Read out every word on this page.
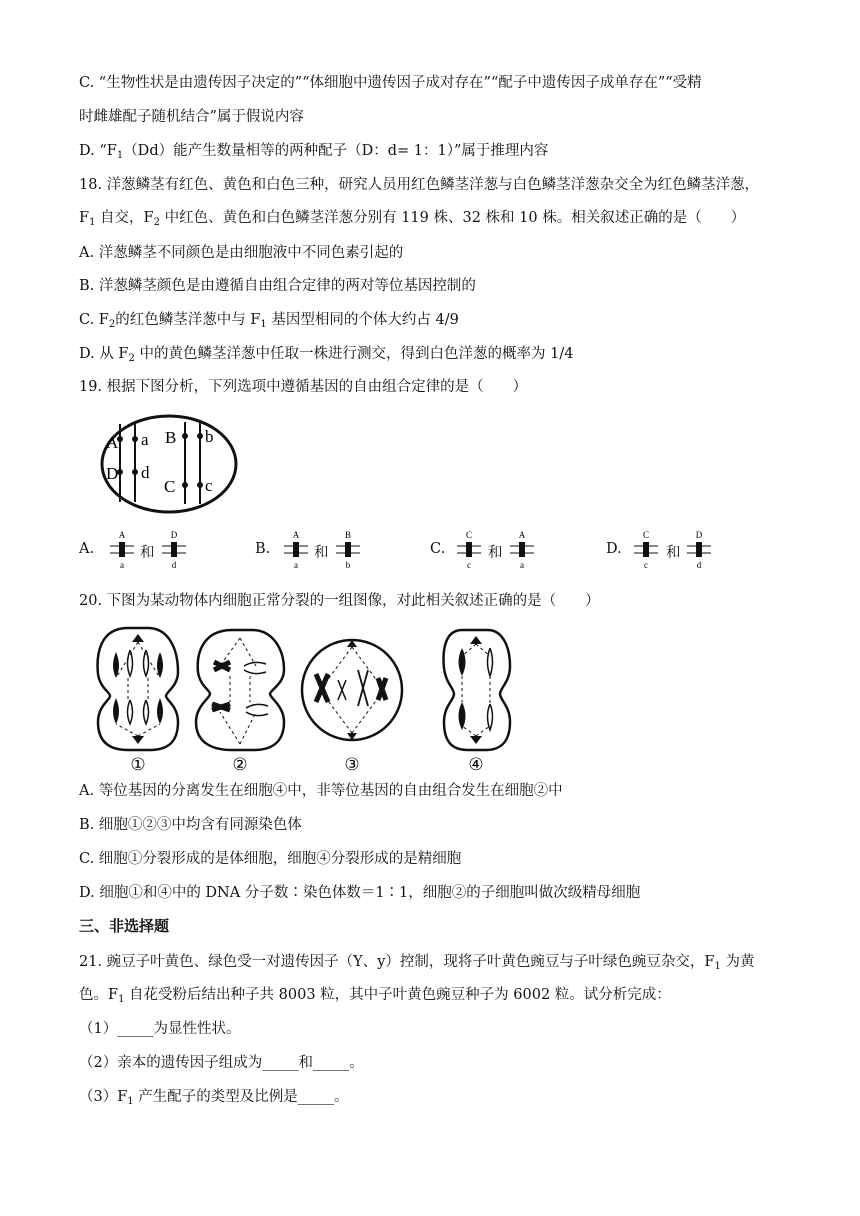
C. “生物性状是由遗传因子决定的”“体细胞中遗传因子成对存在”“配子中遗传因子成单存在”“受精
时雌雄配子随机结合”属于假说内容
D. “$F_1(Dd)$能产生数量相等的两种配子（D：d= 1：1）”属于推理内容
18. 洋葱鳞茎有红色、黄色和白色三种，研究人员用红色鳞茎洋葱与白色鳞茎洋葱杂交全为红色鳞茎洋葱，
$F_1$ 自交，$F_2$ 中红色、黄色和白色鳞茎洋葱分别有 119 株、32 株和 10 株。相关叙述正确的是（　　）
A. 洋葱鳞茎不同颜色是由细胞液中不同色素引起的
B. 洋葱鳞茎颜色是由遵循自由组合定律的两对等位基因控制的
C. $F_2$的红色鳞茎洋葱中与 $F_1$ 基因型相同的个体大约占 4/9
D. 从 $F_2$ 中的黄色鳞茎洋葱中任取一株进行测交，得到白色洋葱的概率为 1/4
19. 根据下图分析，下列选项中遵循基因的自由组合定律的是（　　）
A a B b
D d
C c
A.
A
a
和
D
d
B.
A
a
和
B
b
C.
C
c
和
A
a
D.
C
c
和
D
d
20. 下图为某动物体内细胞正常分裂的一组图像，对此相关叙述正确的是（　　）
①	②	③	④
A. 等位基因的分离发生在细胞④中，非等位基因的自由组合发生在细胞②中
B. 细胞①②③中均含有同源染色体
C. 细胞①分裂形成的是体细胞，细胞④分裂形成的是精细胞
D. 细胞①和④中的 DNA 分子数∶染色体数＝1∶1，细胞②的子细胞叫做次级精母细胞
三、非选择题
21. 豌豆子叶黄色、绿色受一对遗传因子（Y、y）控制，现将子叶黄色豌豆与子叶绿色豌豆杂交，$F_1$ 为黄
色。$F_1$ 自花受粉后结出种子共 8003 粒，其中子叶黄色豌豆种子为 6002 粒。试分析完成：
（1）_____为显性性状。
（2）亲本的遗传因子组成为_____和_____。
$(3)F_1$ 产生配子的类型及比例是_____。
